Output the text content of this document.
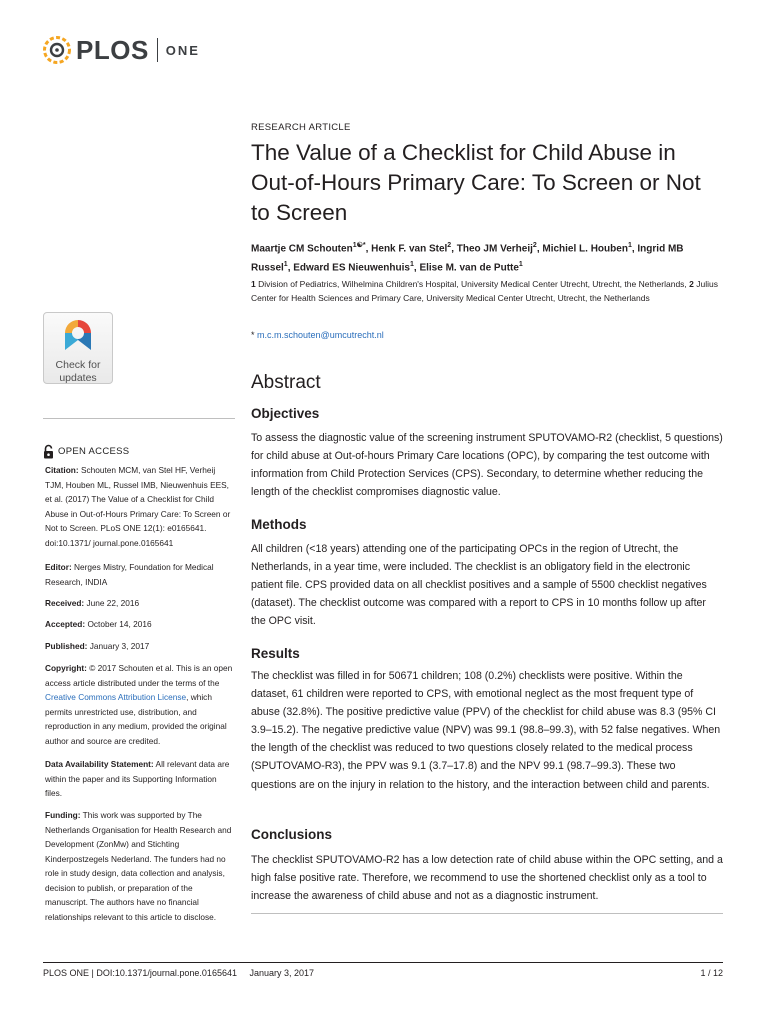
PLOS ONE
Check for
updates
OPEN ACCESS
Citation: Schouten MCM, van Stel HF, Verheij TJM, Houben ML, Russel IMB, Nieuwenhuis EES, et al. (2017) The Value of a Checklist for Child Abuse in Out-of-Hours Primary Care: To Screen or Not to Screen. PLoS ONE 12(1): e0165641. doi:10.1371/ journal.pone.0165641
Editor: Nerges Mistry, Foundation for Medical Research, INDIA
Received: June 22, 2016
Accepted: October 14, 2016
Published: January 3, 2017
Copyright: © 2017 Schouten et al. This is an open access article distributed under the terms of the Creative Commons Attribution License, which permits unrestricted use, distribution, and reproduction in any medium, provided the original author and source are credited.
Data Availability Statement: All relevant data are within the paper and its Supporting Information files.
Funding: This work was supported by The Netherlands Organisation for Health Research and Development (ZonMw) and Stichting Kinderpostzegels Nederland. The funders had no role in study design, data collection and analysis, decision to publish, or preparation of the manuscript. The authors have no financial relationships relevant to this article to disclose.
RESEARCH ARTICLE
The Value of a Checklist for Child Abuse in Out-of-Hours Primary Care: To Screen or Not to Screen
Maartje CM Schouten$^{1☯*}$, Henk F. van Stel$^2$, Theo JM Verheij$^2$, Michiel L. Houben$^1$, Ingrid MB Russel$^1$, Edward ES Nieuwenhuis$^1$, Elise M. van de Putte$^1$
1 Division of Pediatrics, Wilhelmina Children's Hospital, University Medical Center Utrecht, Utrecht, the Netherlands, 2 Julius Center for Health Sciences and Primary Care, University Medical Center Utrecht, Utrecht, the Netherlands
* m.c.m.schouten@umcutrecht.nl
Abstract
Objectives
To assess the diagnostic value of the screening instrument SPUTOVAMO-R2 (checklist, 5 questions) for child abuse at Out-of-hours Primary Care locations (OPC), by comparing the test outcome with information from Child Protection Services (CPS). Secondary, to determine whether reducing the length of the checklist compromises diagnostic value.
Methods
All children (<18 years) attending one of the participating OPCs in the region of Utrecht, the Netherlands, in a year time, were included. The checklist is an obligatory field in the electronic patient file. CPS provided data on all checklist positives and a sample of 5500 checklist negatives (dataset). The checklist outcome was compared with a report to CPS in 10 months follow up after the OPC visit.
Results
The checklist was filled in for 50671 children; 108 (0.2%) checklists were positive. Within the dataset, 61 children were reported to CPS, with emotional neglect as the most frequent type of abuse (32.8%). The positive predictive value (PPV) of the checklist for child abuse was 8.3 (95% CI 3.9–15.2). The negative predictive value (NPV) was 99.1 (98.8–99.3), with 52 false negatives. When the length of the checklist was reduced to two questions closely related to the medical process (SPUTOVAMO-R3), the PPV was 9.1 (3.7–17.8) and the NPV 99.1 (98.7–99.3). These two questions are on the injury in relation to the history, and the interaction between child and parents.
Conclusions
The checklist SPUTOVAMO-R2 has a low detection rate of child abuse within the OPC setting, and a high false positive rate. Therefore, we recommend to use the shortened checklist only as a tool to increase the awareness of child abuse and not as a diagnostic instrument.
PLOS ONE | DOI:10.1371/journal.pone.0165641 January 3, 2017	1 / 12
